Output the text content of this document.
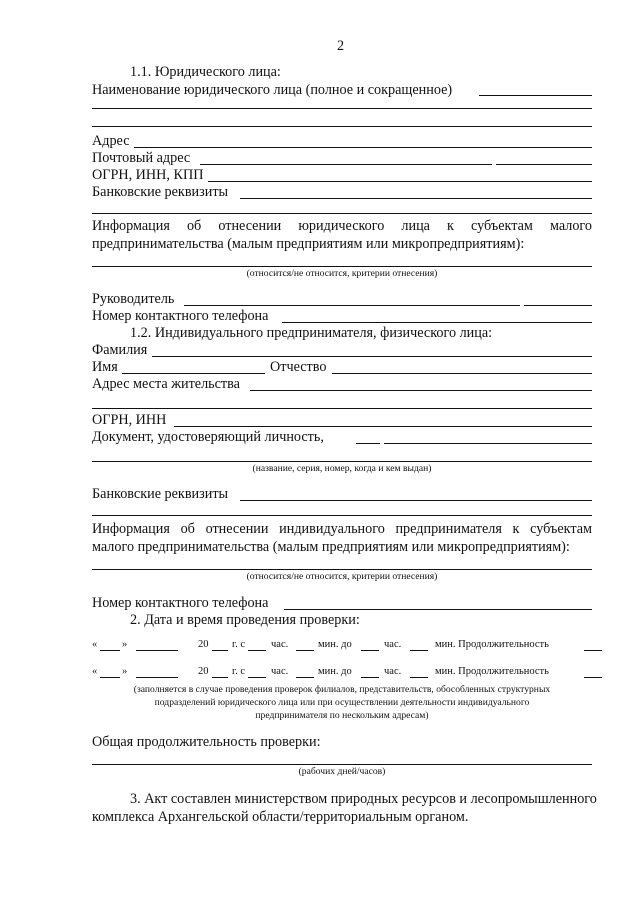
2
1.1. Юридического лица:
Наименование юридического лица (полное и сокращенное)
Адрес
Почтовый адрес
ОГРН, ИНН, КПП
Банковские реквизиты
Информация об отнесении юридического лица к субъектам малого
предпринимательства (малым предприятиям или микропредприятиям):
(относится/не относится, критерии отнесения)
Руководитель
Номер контактного телефона
1.2. Индивидуального предпринимателя, физического лица:
Фамилия
Имя	Отчество
Адрес места жительства
ОГРН, ИНН
Документ, удостоверяющий личность,
(название, серия, номер, когда и кем выдан)
Банковские реквизиты
Информация об отнесении индивидуального предпринимателя к субъектам
малого предпринимательства (малым предприятиям или микропредприятиям):
(относится/не относится, критерии отнесения)
Номер контактного телефона
2. Дата и время проведения проверки:
« »	20 г. с час.	мин. до	час.	мин. Продолжительность
« »	20 г. с час.	мин. до	час.	мин. Продолжительность
(заполняется в случае проведения проверок филиалов, представительств, обособленных структурных
подразделений юридического лица или при осуществлении деятельности индивидуального
предпринимателя по нескольким адресам)
Общая продолжительность проверки:
(рабочих дней/часов)
3. Акт составлен министерством природных ресурсов и лесопромышленного
комплекса Архангельской области/территориальным органом.
